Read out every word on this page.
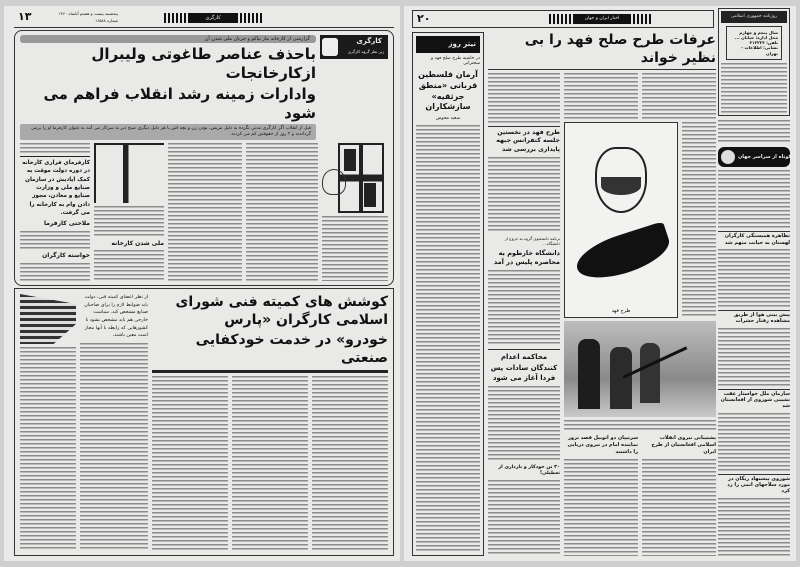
۱۳	پنجشنبه بیست و هشتم آبانماه ۱۳۶۰
شماره ۱۶۵۸۸	کارگری
گزارشی از کارخانه ماز نیاکو و جریان ملی شدن آن
باحذف عناصر طاغوتی ولیبرال ازکارخانجات
وادارات زمینه رشد انقلاب فراهم می شود
قبل از انقلاب اگر کارگری مدتی نگرده به دلیل مریض، بودن زن و بچه اش یا هر دلیل دیگری صبح دیر به سرکار می آمد به عنوان کارفرما او را برمی گرداندند و ۲ روز از حقوقش کم می کردند.
کارگری
زیر نظر گروه کارگری
کارفرمای فراری کارخانه در دوره دولت موقت به کمک ایادیش در سازمان صنایع ملی و وزارت صنایع و معادن، مجوز دادن وام به کارخانه را می گرفت.
ملاحتی کارفرما
خواسته کارگران
ملی شدن کارخانه
از نظر اعضای کمیته فنی، دولت باید ضوابط لازم را برای صاحبان صنایع مشخص کند. سیاست خارجی هم باید مشخص بشود تا کشورهایی که رابطه با آنها مجاز است معین باشند.
کوشش های کمیته فنی شورای اسلامی کارگران «پارس
خودرو» در خدمت خودکفایی صنعتی
۲۰	اخبار ایران و جهان	روزنامه جمهوری اسلامی
سال پنجم و چهارم
محل اداره: خیابان ...
تلفن: ۳۱۲۲۲۳
نشانی: اطلاعات - تهران
تیتر روز
در حاشیه طرح صلح فهد و سخنرانی
آرمان فلسطین قربانی «منطق جرثقیه» سازشکاران
سعید مجوس
عرفات طرح صلح فهد را بی نظیر خواند
طرح فهد در نخستین جلسه کنفرانس جبهه پایداری بررسی شد
برنامه دانشجوی گروه به خروج از دانشگاه...
دانشگاه خارطوم به محاصره پلیس در آمد
محاکمه اعدام کنندگان سادات پس فردا آغاز می شود
۳۰ تن خودکار و بارداری از تعطیلی!
طرح فهد
سرتیپان دو اتوبیل قصد ترور نماینده امام در نیروی دریایی را داشتند
پشتیبانی نیروی انقلاب اسلامی افغانستان از طرح ایران
کوتاه از سراسر جهان
تظاهره همبستگی کارگران لهستان به خیانت متهم شد
پیش بینی هوا از طریق مشاهده رفتار حشرات
سازمان ملل خواستار عقب نشینی شوروی از افغانستان شد
شوروی پیشنهاد ریگان در مورد سلاحهای اتمی را رد کرد
